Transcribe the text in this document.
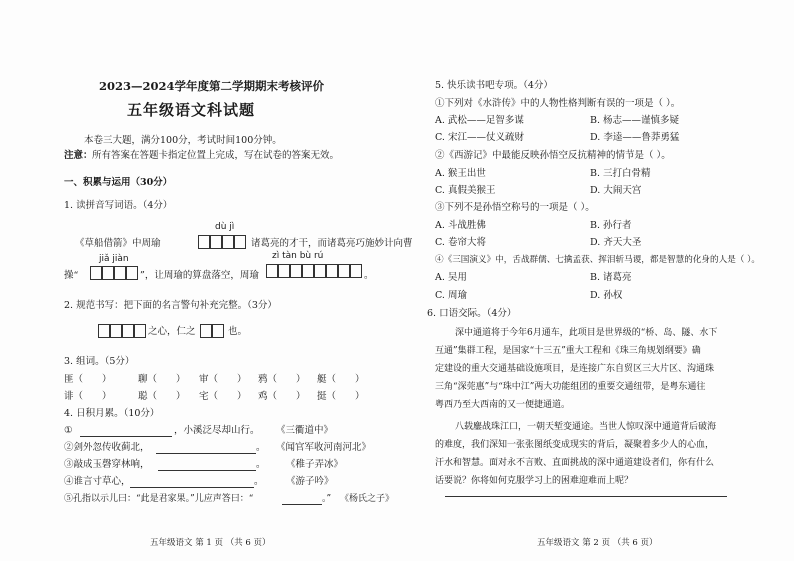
2023—2024学年度第二学期期末考核评价
五年级语文科试题
本卷三大题，满分100分，考试时间100分钟。
注意： 所有答案在答题卡指定位置上完成，写在试卷的答案无效。
一、积累与运用（30分）
1. 读拼音写词语。（4分）
dù jì
《草船借箭》中周瑜	诸葛亮的才干，而诸葛亮巧施妙计向曹
jiǎ jiàn	zì tàn bù rú
操“	”，让周瑜的算盘落空，周瑜	。
2. 规范书写：把下面的名言警句补充完整。（3分）
之心，仁之	也。
3. 组词。（5分）
匪（　　）	聊（　　） 审（　　） 鸦（　　） 艇（　　）
诽（　　）	聪（　　） 宅（　　） 鸡（　　） 挺（　　）
4. 日积月累。（10分）
①	，小溪泛尽却山行。 《三衢道中》
②剑外忽传收蓟北，	。 《闻官军收河南河北》
③敲成玉磬穿林响，	。 《稚子弄冰》
④谁言寸草心，	。 《游子吟》
⑤孔指以示儿曰：“此是君家果。”儿应声答曰：“	。” 《杨氏之子》
五年级语文 第 1 页 （共 6 页）
5. 快乐读书吧专项。（4分）
①下列对《水浒传》中的人物性格判断有误的一项是（ ）。
A. 武松——足智多谋	B. 杨志——谨慎多疑
C. 宋江——仗义疏财	D. 李逵——鲁莽勇猛
②《西游记》中最能反映孙悟空反抗精神的情节是（ ）。
A. 猴王出世	B. 三打白骨精
C. 真假美猴王	D. 大闹天宫
③下列不是孙悟空称号的一项是（ ）。
A. 斗战胜佛	B. 孙行者
C. 卷帘大将	D. 齐天大圣
④《三国演义》中，舌战群儒、七擒孟获、挥泪斩马谡，都是智慧的化身的人是（ ）。
A. 吴用	B. 诸葛亮
C. 周瑜	D. 孙权
6. 口语交际。（4分）
深中通道将于今年6月通车，此项目是世界级的“桥、岛、隧、水下
互通”集群工程，是国家“十三五”重大工程和《珠三角规划纲要》确
定建设的重大交通基础设施项目，是连接广东自贸区三大片区、沟通珠
三角“深莞惠”与“珠中江”两大功能组团的重要交通纽带，是粤东通往
粤西乃至大西南的又一便捷通道。
八载鏖战珠江口，一朝天堑变通途。当世人惊叹深中通道背后破海
的难度，我们深知一张张图纸变成现实的背后，凝聚着多少人的心血，
汗水和智慧。面对永不言败、直面挑战的深中通道建设者们，你有什么
话要说？你将如何克服学习上的困难迎难而上呢？
五年级语文 第 2 页 （共 6 页）
